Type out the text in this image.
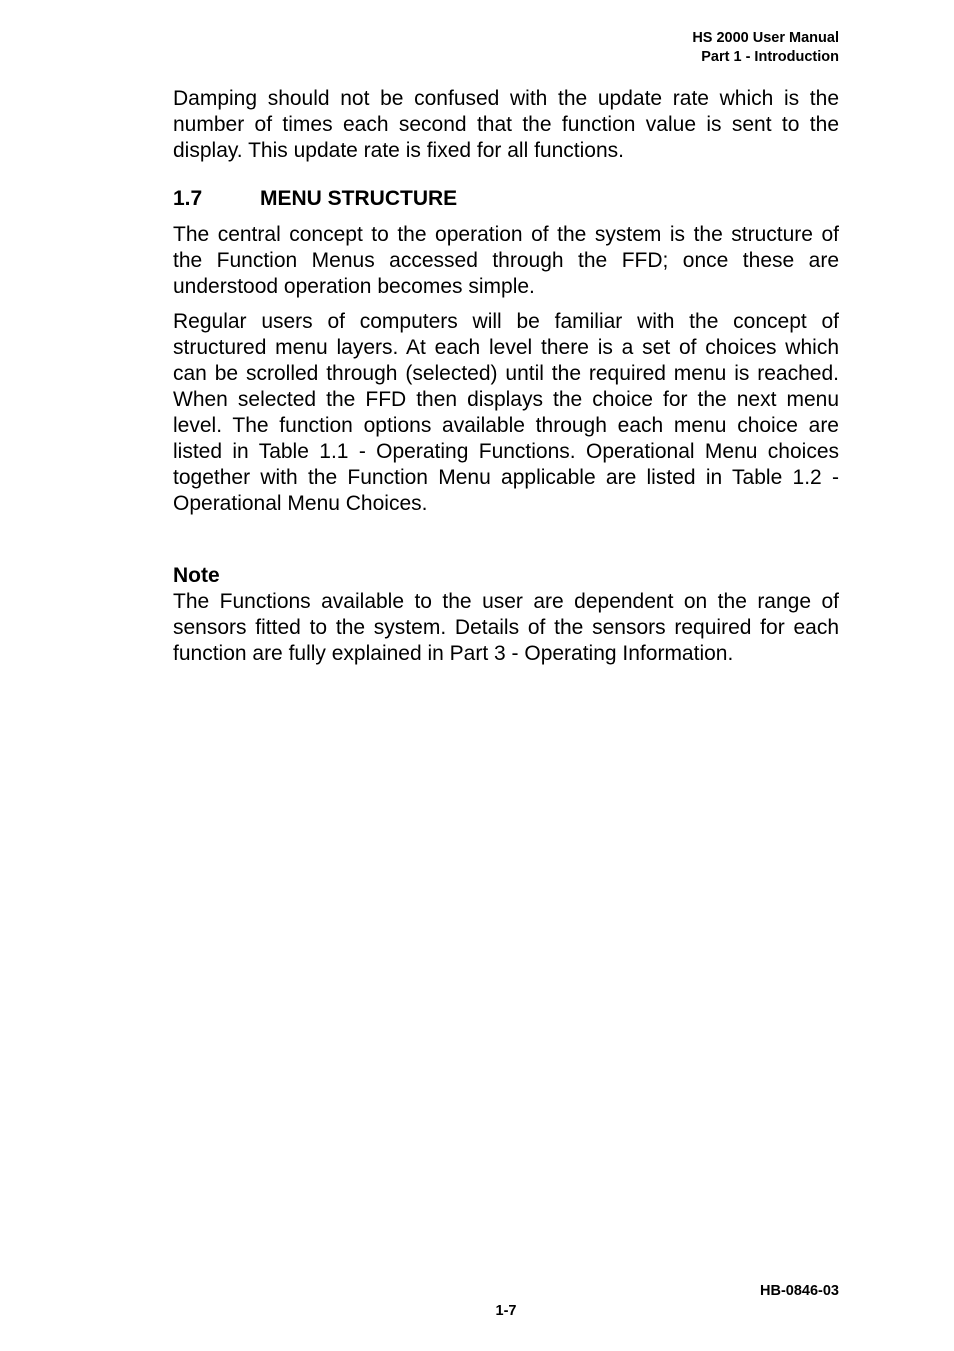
HS 2000 User Manual
Part 1 - Introduction

Damping should not be confused with the update rate which is the number of times each second that the function value is sent to the display. This update rate is fixed for all functions.

1.7	MENU STRUCTURE

The central concept to the operation of the system is the structure of the Function Menus accessed through the FFD; once these are understood operation becomes simple.

Regular users of computers will be familiar with the concept of structured menu layers. At each level there is a set of choices which can be scrolled through (selected) until the required menu is reached. When selected the FFD then displays the choice for the next menu level. The function options available through each menu choice are listed in Table 1.1 - Operating Functions. Operational Menu choices together with the Function Menu applicable are listed in Table 1.2 - Operational Menu Choices.

Note

The Functions available to the user are dependent on the range of sensors fitted to the system. Details of the sensors required for each function are fully explained in Part 3 - Operating Information.

HB-0846-03
1-7
